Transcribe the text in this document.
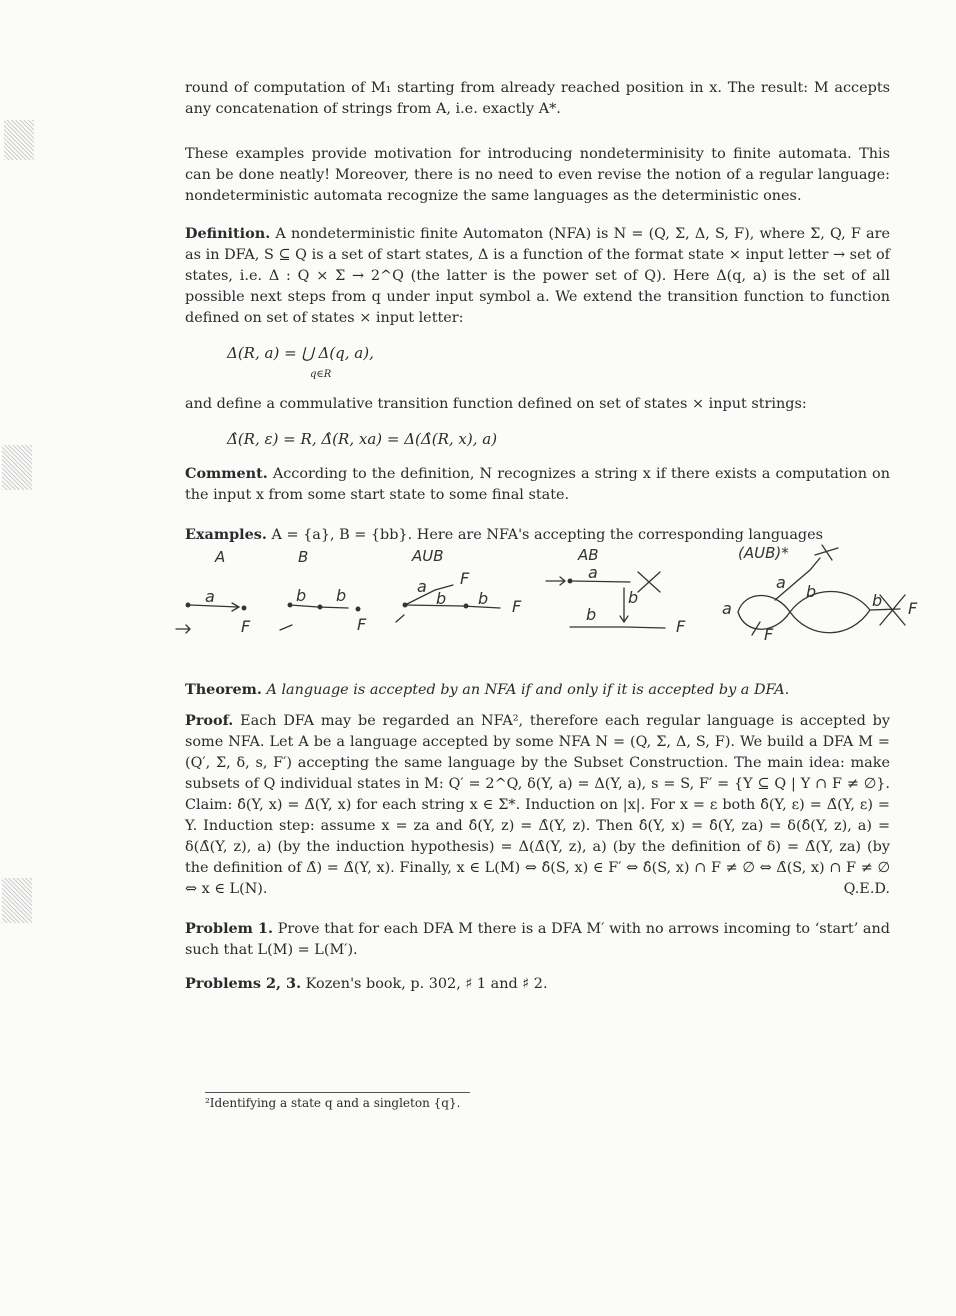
round of computation of M₁ starting from already reached position in x. The result: M accepts any concatenation of strings from A, i.e. exactly A*.
These examples provide motivation for introducing nondeterminisity to finite automata. This can be done neatly! Moreover, there is no need to even revise the notion of a regular language: nondeterministic automata recognize the same languages as the deterministic ones.
Definition. A nondeterministic finite Automaton (NFA) is N = (Q, Σ, Δ, S, F), where Σ, Q, F are as in DFA, S ⊆ Q is a set of start states, Δ is a function of the format state × input letter → set of states, i.e. Δ : Q × Σ → 2^Q (the latter is the power set of Q). Here Δ(q, a) is the set of all possible next steps from q under input symbol a. We extend the transition function to function defined on set of states × input letter:
Δ(R, a) = ⋃ Δ(q, a),
q∈R
and define a commulative transition function defined on set of states × input strings:
Δ̂(R, ε) = R, Δ̂(R, xa) = Δ(Δ̂(R, x), a)
Comment. According to the definition, N recognizes a string x if there exists a computation on the input x from some start state to some final state.
Examples. A = {a}, B = {bb}. Here are NFA's accepting the corresponding languages
A	B	AUB	AB	(AUB)*
a
F
b b
F
a F
b b F
a
b
b
F
a
a b	b F
F
Theorem. A language is accepted by an NFA if and only if it is accepted by a DFA.
Proof. Each DFA may be regarded an NFA², therefore each regular language is accepted by some NFA. Let A be a language accepted by some NFA N = (Q, Σ, Δ, S, F). We build a DFA M = (Q′, Σ, δ, s, F′) accepting the same language by the Subset Construction. The main idea: make subsets of Q individual states in M: Q′ = 2^Q, δ(Y, a) = Δ(Y, a), s = S, F′ = {Y ⊆ Q | Y ∩ F ≠ ∅}. Claim: δ̂(Y, x) = Δ̂(Y, x) for each string x ∈ Σ*. Induction on |x|. For x = ε both δ̂(Y, ε) = Δ̂(Y, ε) = Y. Induction step: assume x = za and δ̂(Y, z) = Δ̂(Y, z). Then δ̂(Y, x) = δ̂(Y, za) = δ(δ̂(Y, z), a) = δ(Δ̂(Y, z), a) (by the induction hypothesis) = Δ(Δ̂(Y, z), a) (by the definition of δ) = Δ̂(Y, za) (by the definition of Δ̂) = Δ̂(Y, x). Finally, x ∈ L(M) ⇔ δ̂(S, x) ∈ F′ ⇔ δ̂(S, x) ∩ F ≠ ∅ ⇔ Δ̂(S, x) ∩ F ≠ ∅ ⇔ x ∈ L(N).	Q.E.D.
Problem 1. Prove that for each DFA M there is a DFA M′ with no arrows incoming to ‘start’ and such that L(M) = L(M′).
Problems 2, 3. Kozen's book, p. 302, ♯ 1 and ♯ 2.
²Identifying a state q and a singleton {q}.
